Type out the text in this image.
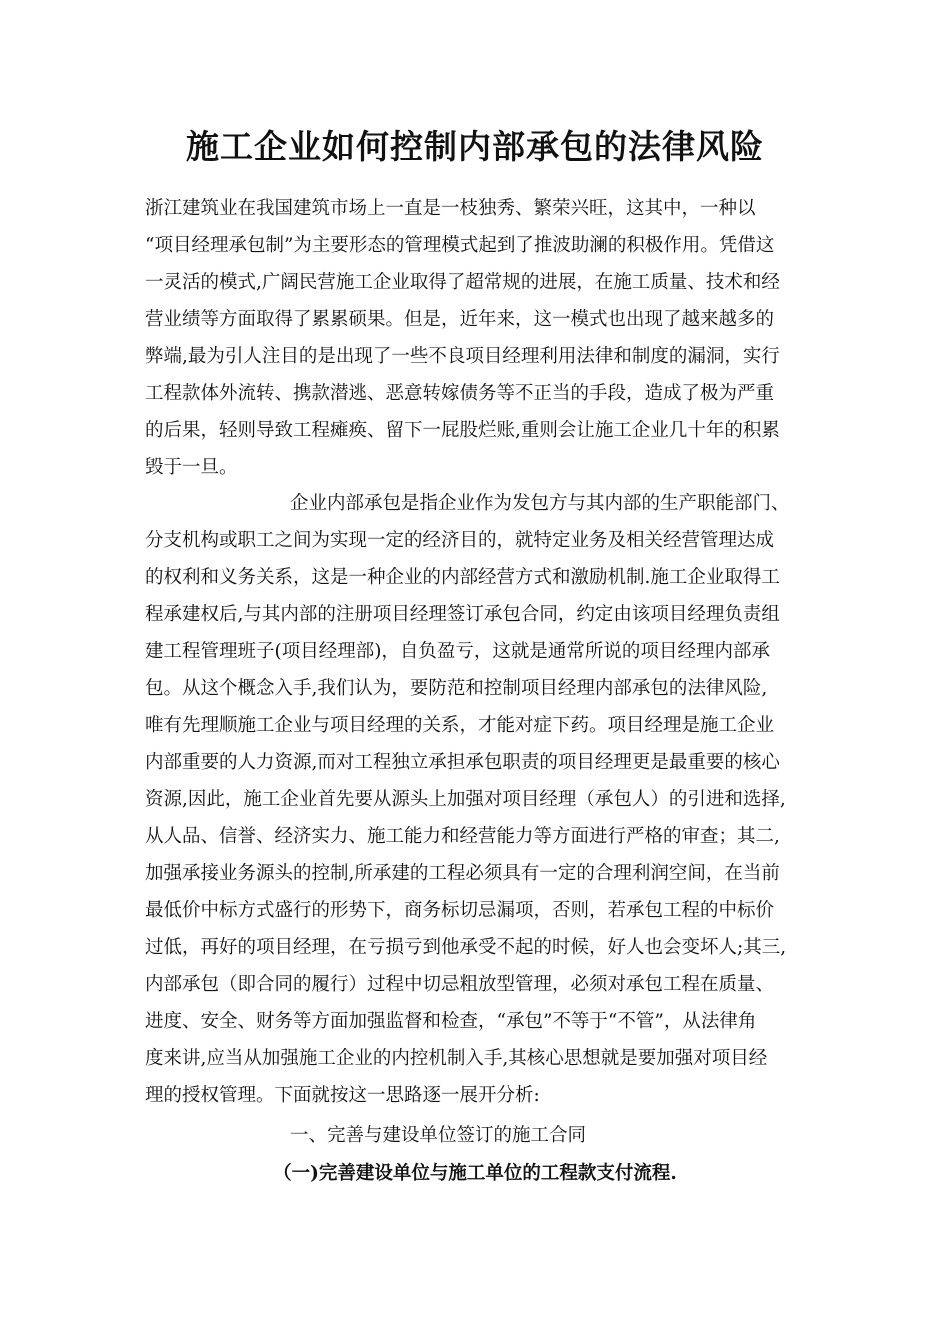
施工企业如何控制内部承包的法律风险
浙江建筑业在我国建筑市场上一直是一枝独秀、繁荣兴旺，这其中，一种以
“项目经理承包制”为主要形态的管理模式起到了推波助澜的积极作用。凭借这
一灵活的模式,广阔民营施工企业取得了超常规的进展，在施工质量、技术和经
营业绩等方面取得了累累硕果。但是，近年来，这一模式也出现了越来越多的
弊端,最为引人注目的是出现了一些不良项目经理利用法律和制度的漏洞，实行
工程款体外流转、携款潜逃、恶意转嫁债务等不正当的手段，造成了极为严重
的后果，轻则导致工程瘫痪、留下一屁股烂账,重则会让施工企业几十年的积累
毁于一旦。
企业内部承包是指企业作为发包方与其内部的生产职能部门、
分支机构或职工之间为实现一定的经济目的，就特定业务及相关经营管理达成
的权利和义务关系，这是一种企业的内部经营方式和激励机制.施工企业取得工
程承建权后,与其内部的注册项目经理签订承包合同，约定由该项目经理负责组
建工程管理班子(项目经理部)，自负盈亏，这就是通常所说的项目经理内部承
包。从这个概念入手,我们认为，要防范和控制项目经理内部承包的法律风险,
唯有先理顺施工企业与项目经理的关系，才能对症下药。项目经理是施工企业
内部重要的人力资源,而对工程独立承担承包职责的项目经理更是最重要的核心
资源,因此，施工企业首先要从源头上加强对项目经理（承包人）的引进和选择,
从人品、信誉、经济实力、施工能力和经营能力等方面进行严格的审查；其二,
加强承接业务源头的控制,所承建的工程必须具有一定的合理利润空间，在当前
最低价中标方式盛行的形势下，商务标切忌漏项，否则，若承包工程的中标价
过低，再好的项目经理，在亏损亏到他承受不起的时候，好人也会变坏人;其三,
内部承包（即合同的履行）过程中切忌粗放型管理，必须对承包工程在质量、
进度、安全、财务等方面加强监督和检查，“承包”不等于“不管”，从法律角
度来讲,应当从加强施工企业的内控机制入手,其核心思想就是要加强对项目经
理的授权管理。下面就按这一思路逐一展开分析:

一、完善与建设单位签订的施工合同

（一)完善建设单位与施工单位的工程款支付流程.
